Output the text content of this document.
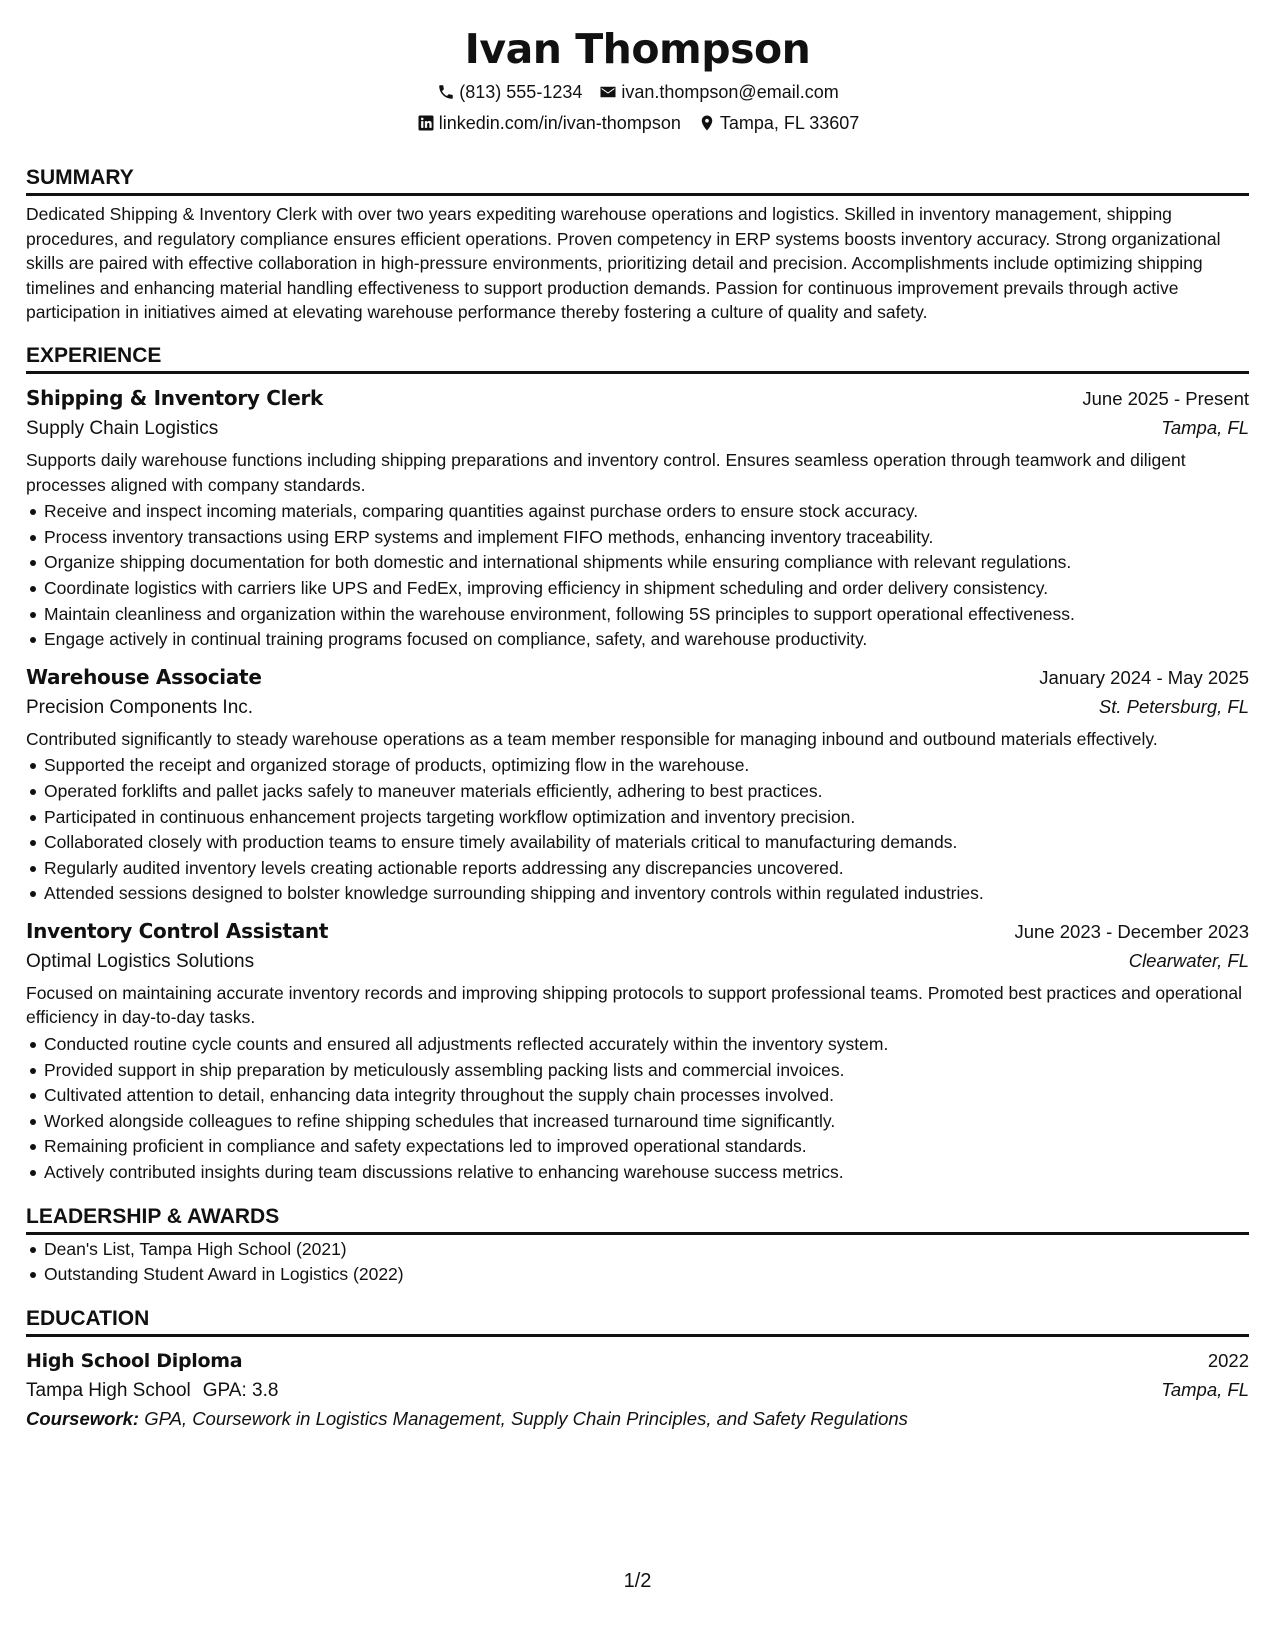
Ivan Thompson
(813) 555-1234 ivan.thompson@email.com
linkedin.com/in/ivan-thompson Tampa, FL 33607
SUMMARY
Dedicated Shipping & Inventory Clerk with over two years expediting warehouse operations and logistics. Skilled in inventory management, shipping procedures, and regulatory compliance ensures efficient operations. Proven competency in ERP systems boosts inventory accuracy. Strong organizational skills are paired with effective collaboration in high-pressure environments, prioritizing detail and precision. Accomplishments include optimizing shipping timelines and enhancing material handling effectiveness to support production demands. Passion for continuous improvement prevails through active participation in initiatives aimed at elevating warehouse performance thereby fostering a culture of quality and safety.
EXPERIENCE
Shipping & Inventory Clerk	June 2025 - Present
Supply Chain Logistics	Tampa, FL
Supports daily warehouse functions including shipping preparations and inventory control. Ensures seamless operation through teamwork and diligent processes aligned with company standards.
Receive and inspect incoming materials, comparing quantities against purchase orders to ensure stock accuracy.
Process inventory transactions using ERP systems and implement FIFO methods, enhancing inventory traceability.
Organize shipping documentation for both domestic and international shipments while ensuring compliance with relevant regulations.
Coordinate logistics with carriers like UPS and FedEx, improving efficiency in shipment scheduling and order delivery consistency.
Maintain cleanliness and organization within the warehouse environment, following 5S principles to support operational effectiveness.
Engage actively in continual training programs focused on compliance, safety, and warehouse productivity.
Warehouse Associate	January 2024 - May 2025
Precision Components Inc.	St. Petersburg, FL
Contributed significantly to steady warehouse operations as a team member responsible for managing inbound and outbound materials effectively.
Supported the receipt and organized storage of products, optimizing flow in the warehouse.
Operated forklifts and pallet jacks safely to maneuver materials efficiently, adhering to best practices.
Participated in continuous enhancement projects targeting workflow optimization and inventory precision.
Collaborated closely with production teams to ensure timely availability of materials critical to manufacturing demands.
Regularly audited inventory levels creating actionable reports addressing any discrepancies uncovered.
Attended sessions designed to bolster knowledge surrounding shipping and inventory controls within regulated industries.
Inventory Control Assistant	June 2023 - December 2023
Optimal Logistics Solutions	Clearwater, FL
Focused on maintaining accurate inventory records and improving shipping protocols to support professional teams. Promoted best practices and operational efficiency in day-to-day tasks.
Conducted routine cycle counts and ensured all adjustments reflected accurately within the inventory system.
Provided support in ship preparation by meticulously assembling packing lists and commercial invoices.
Cultivated attention to detail, enhancing data integrity throughout the supply chain processes involved.
Worked alongside colleagues to refine shipping schedules that increased turnaround time significantly.
Remaining proficient in compliance and safety expectations led to improved operational standards.
Actively contributed insights during team discussions relative to enhancing warehouse success metrics.
LEADERSHIP & AWARDS
Dean's List, Tampa High School (2021)
Outstanding Student Award in Logistics (2022)
EDUCATION
High School Diploma	2022
Tampa High School GPA: 3.8	Tampa, FL
Coursework: GPA, Coursework in Logistics Management, Supply Chain Principles, and Safety Regulations
1/2
